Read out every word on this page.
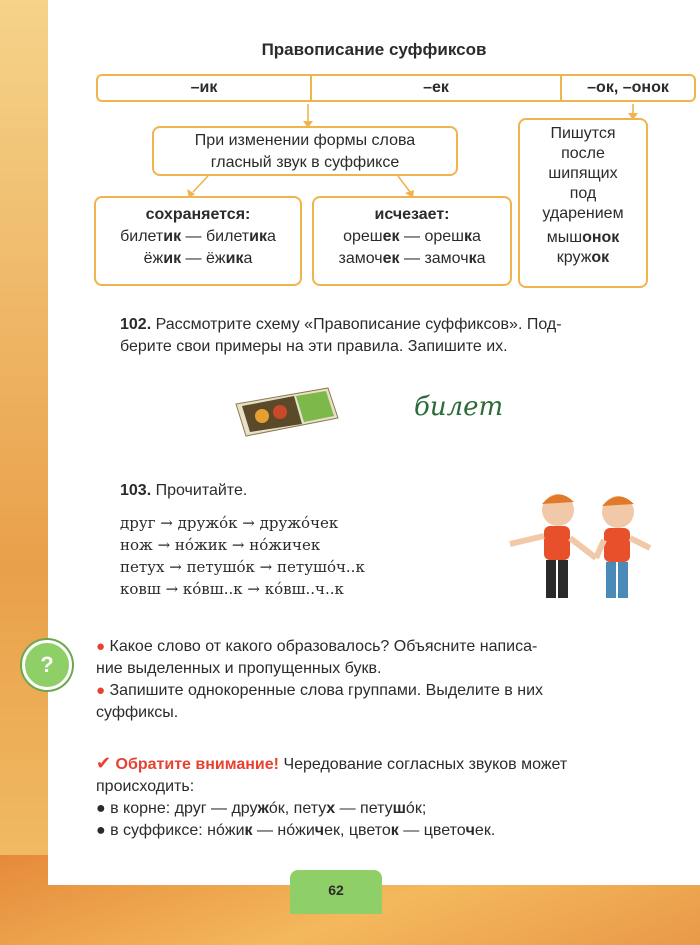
Правописание суффиксов
–ик	–ек	–ок, –онок
При изменении формы слова
гласный звук в суффиксе
сохраняется:
билетик — билетика
ёжик — ёжика
исчезает:
орешек — орешка
замочек — замочка
Пишутся
после
шипящих
под
ударением
мышонок
кружок
102. Рассмотрите схему «Правописание суффиксов». Под-
берите свои примеры на эти правила. Запишите их.
билет
103. Прочитайте.
друг → дружóк → дружóчек
нож → нóжик → нóжичек
петух → петушóк → петушóч..к
ковш → кóвш..к → кóвш..ч..к
?
● Какое слово от какого образовалось? Объясните написа-
ние выделенных и пропущенных букв.
● Запишите однокоренные слова группами. Выделите в них
суффиксы.
✔ Обратите внимание! Чередование согласных звуков может
происходить:
● в корне: друг — дружóк, петух — петушóк;
● в суффиксе: нóжик — нóжичек, цветок — цветочек.
62
